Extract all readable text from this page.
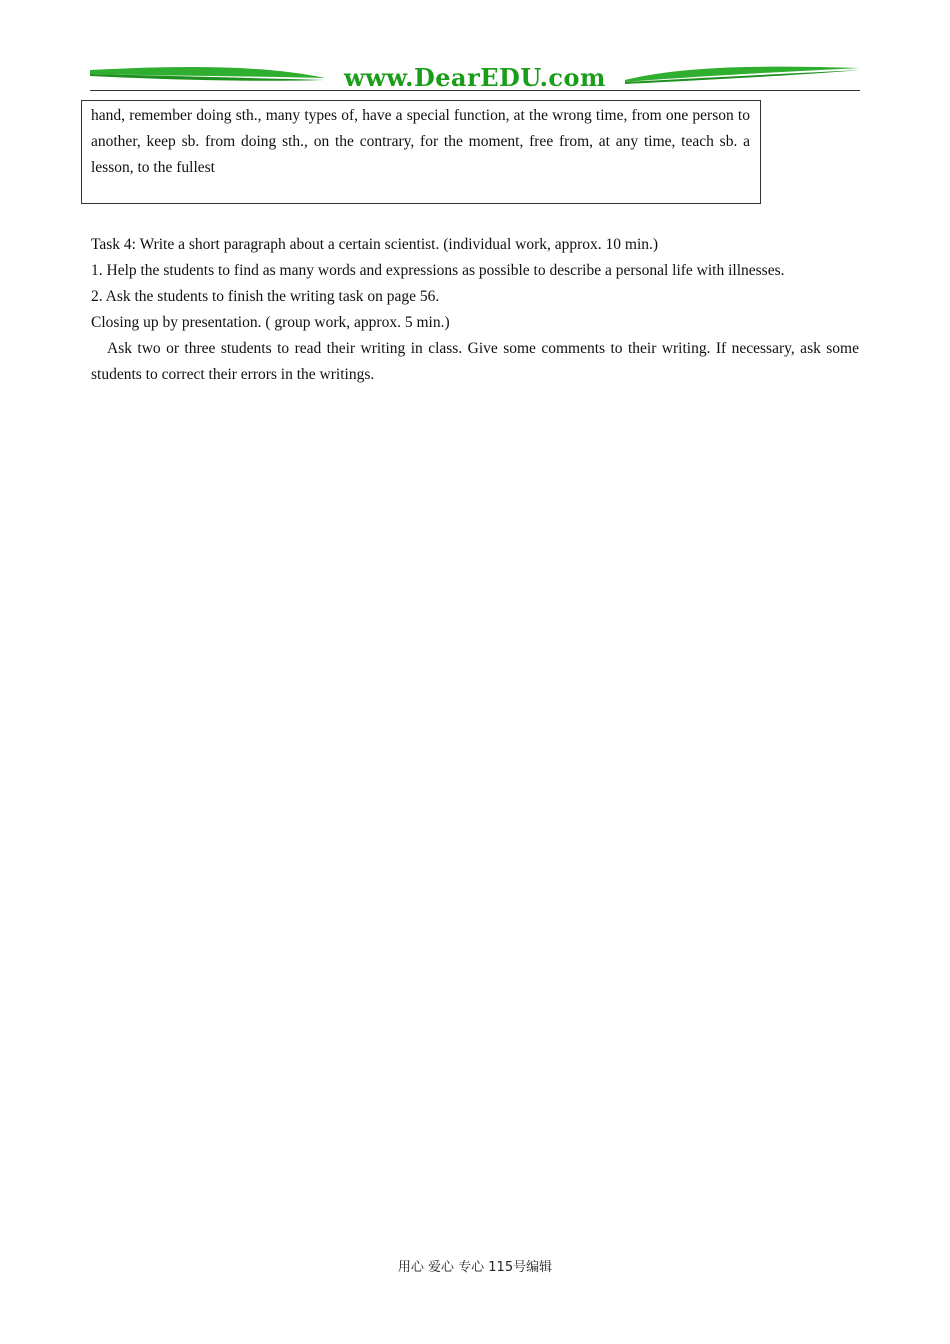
www.DearEDU.com

hand, remember doing sth., many types of, have a special function, at the wrong time, from one person to another, keep sb. from doing sth., on the contrary, for the moment, free from, at any time, teach sb. a lesson, to the fullest

Task 4: Write a short paragraph about a certain scientist. (individual work, approx. 10 min.)

1. Help the students to find as many words and expressions as possible to describe a personal life with illnesses.

2. Ask the students to finish the writing task on page 56.

Closing up by presentation. ( group work, approx. 5 min.)

Ask two or three students to read their writing in class. Give some comments to their writing. If necessary, ask some students to correct their errors in the writings.

用心 爱心 专心 115号编辑
